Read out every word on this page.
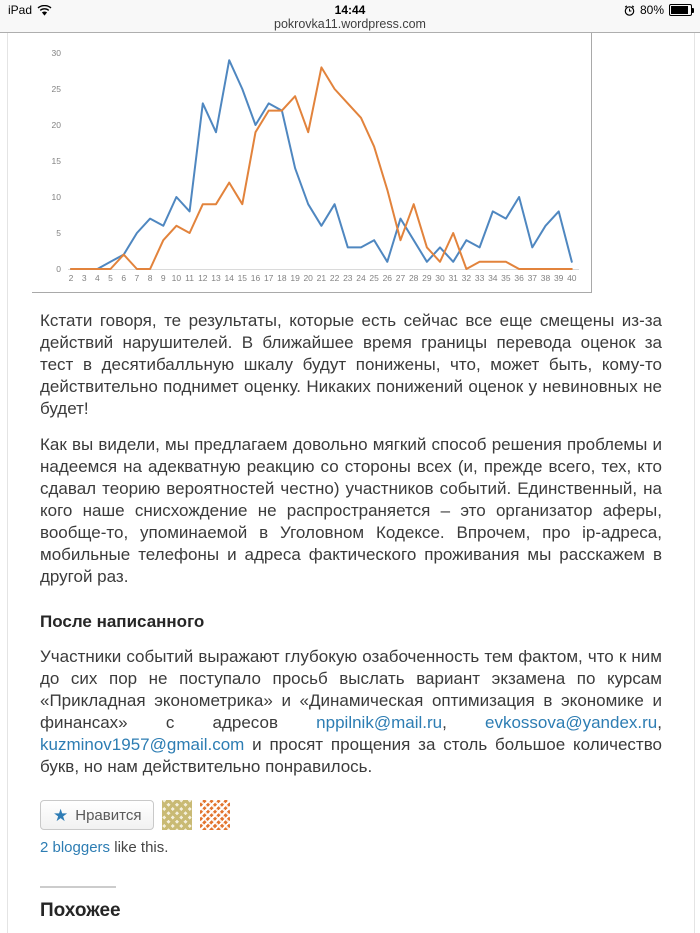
iPad	14:44	80%
pokrovka11.wordpress.com
0
5
10
15
20
25
30
2 3 4 5 6 7 8 9 10 11 12 13 14 15 16 17 18 19 20 21 22 23 24 25 26 27 28 29 30 31 32 33 34 35 36 37 38 39 40

Кстати говоря, те результаты, которые есть сейчас все еще смещены из-за действий нарушителей. В ближайшее время границы перевода оценок за тест в десятибалльную шкалу будут понижены, что, может быть, кому-то действительно поднимет оценку. Никаких понижений оценок у невиновных не будет!

Как вы видели, мы предлагаем довольно мягкий способ решения проблемы и надеемся на адекватную реакцию со стороны всех (и, прежде всего, тех, кто сдавал теорию вероятностей честно) участников событий. Единственный, на кого наше снисхождение не распространяется – это организатор аферы, вообще-то, упоминаемой в Уголовном Кодексе. Впрочем, про ip-адреса, мобильные телефоны и адреса фактического проживания мы расскажем в другой раз.

После написанного

Участники событий выражают глубокую озабоченность тем фактом, что к ним до сих пор не поступало просьб выслать вариант экзамена по курсам «Прикладная эконометрика» и «Динамическая оптимизация в экономике и финансах» с адресов nppilnik@mail.ru, evkossova@yandex.ru, kuzminov1957@gmail.com и просят прощения за столь большое количество букв, но нам действительно понравилось.

★ Нравится
2 bloggers like this.
Похожее
